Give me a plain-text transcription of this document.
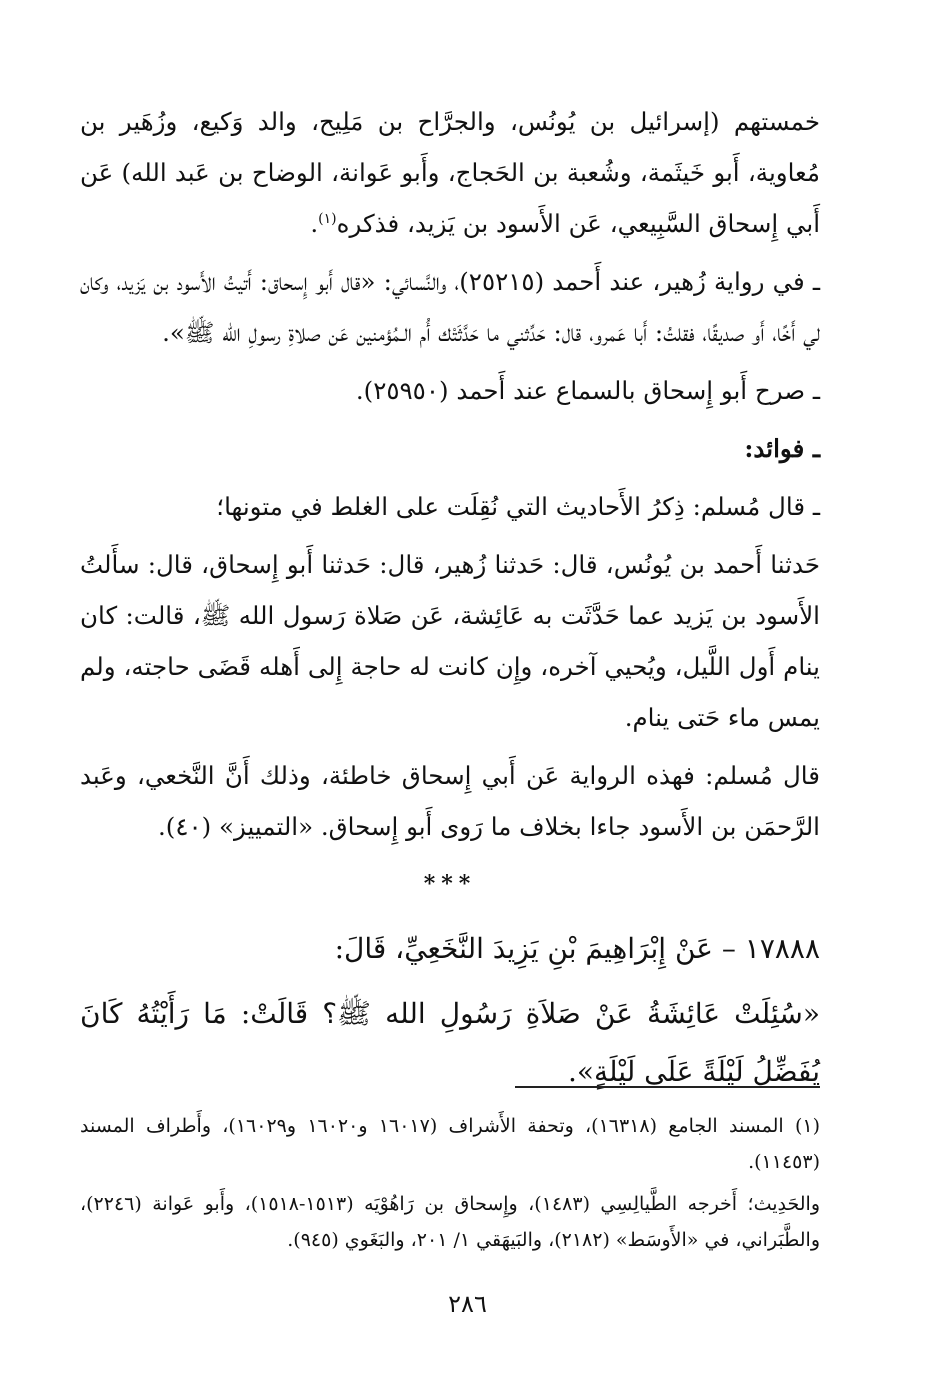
خمستهم (إسرائيل بن يُونُس، والجرَّاح بن مَلِيح، والد وَكيع، وزُهَير بن مُعاوية، أَبو خَيثَمة، وشُعبة بن الحَجاج، وأَبو عَوانة، الوضاح بن عَبد الله) عَن أَبي إِسحاق السَّبِيعي، عَن الأَسود بن يَزيد، فذكره$^{(١)}$.

ـ في رواية زُهير، عند أَحمد (٢٥٢١٥)، والنَّسائي: «قال أَبو إِسحاق: أَتيتُ الأَسود بن يَزيد، وكان لي أَخًا، أَو صديقًا، فقلتُ: أَبا عَمرو، قال: حَدِّثني ما حَدَّثَتْك أُم الـمُؤمنين عَن صلاةِ رسولِ الله ﷺ».

ـ صرح أَبو إِسحاق بالسماع عند أَحمد (٢٥٩٥٠).

ـ فوائد:

ـ قال مُسلم: ذِكرُ الأَحاديث التي نُقِلَت على الغلط في متونها؛

حَدثنا أَحمد بن يُونُس، قال: حَدثنا زُهير، قال: حَدثنا أَبو إِسحاق، قال: سأَلتُ الأَسود بن يَزيد عما حَدَّثَت به عَائِشة، عَن صَلاة رَسول الله ﷺ، قالت: كان ينام أَول اللَّيل، ويُحيي آخره، وإِن كانت له حاجة إِلى أَهله قَضَى حاجته، ولم يمس ماء حَتى ينام.

قال مُسلم: فهذه الرواية عَن أَبي إِسحاق خاطئة، وذلك أَنَّ النَّخعي، وعَبد الرَّحمَن بن الأَسود جاءا بخلاف ما رَوى أَبو إِسحاق. «التمييز» (٤٠).

***

١٧٨٨٨ – عَنْ إِبْرَاهِيمَ بْنِ يَزِيدَ النَّخَعِيِّ، قَالَ:

«سُئِلَتْ عَائِشَةُ عَنْ صَلاَةِ رَسُولِ الله ﷺ؟ قَالَتْ: مَا رَأَيْتُهُ كَانَ يُفَضِّلُ لَيْلَةً عَلَى لَيْلَةٍ».

(١) المسند الجامع (١٦٣١٨)، وتحفة الأَشراف (١٦٠١٧ و١٦٠٢٠ و١٦٠٢٩)، وأَطراف المسند (١١٤٥٣).

والحَدِيث؛ أَخرجه الطَّيالِسِي (١٤٨٣)، وإِسحاق بن رَاهُوْيَه (١٥١٣-١٥١٨)، وأَبو عَوانة (٢٢٤٦)، والطَّبَراني، في «الأَوسَط» (٢١٨٢)، والبَيهَقي ١/ ٢٠١، والبَغَوي (٩٤٥).

٢٨٦
